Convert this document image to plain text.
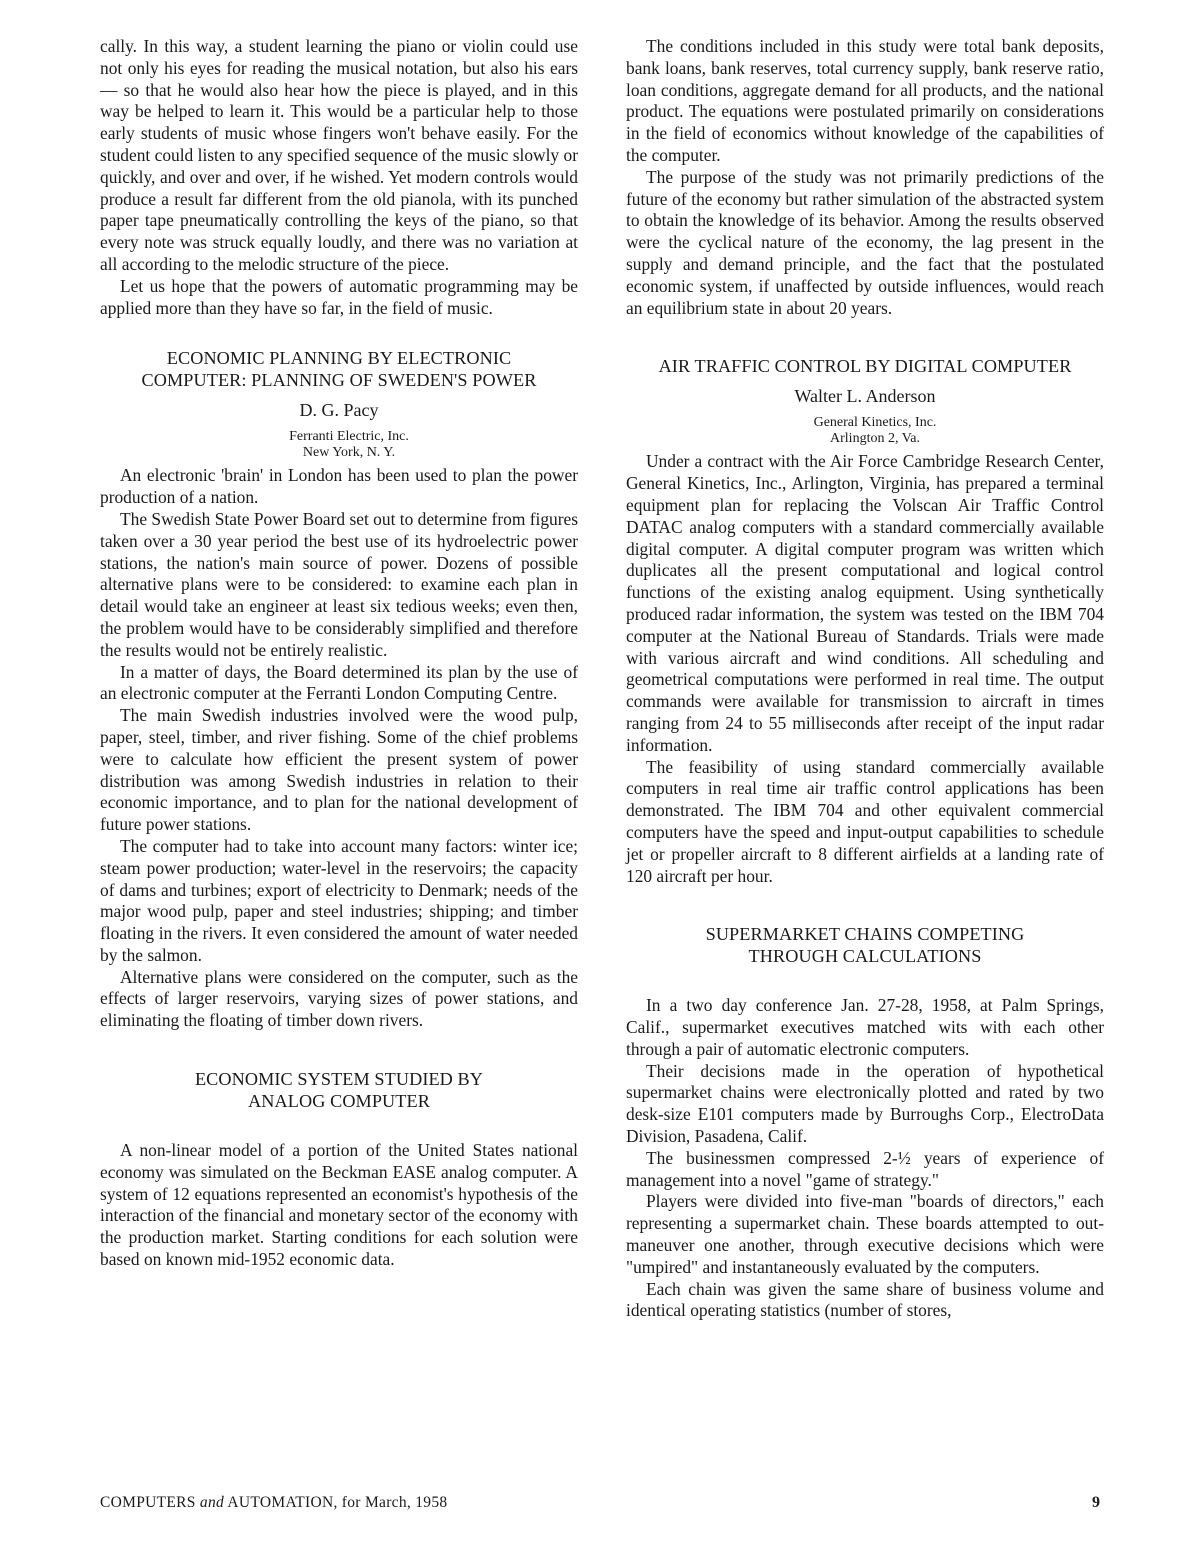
cally. In this way, a student learning the piano or violin could use not only his eyes for reading the musical notation, but also his ears — so that he would also hear how the piece is played, and in this way be helped to learn it. This would be a particular help to those early students of music whose fingers won't behave easily. For the student could listen to any specified sequence of the music slowly or quickly, and over and over, if he wished. Yet modern controls would produce a result far different from the old pianola, with its punched paper tape pneumatically controlling the keys of the piano, so that every note was struck equally loudly, and there was no variation at all according to the melodic structure of the piece.

Let us hope that the powers of automatic programming may be applied more than they have so far, in the field of music.

ECONOMIC PLANNING BY ELECTRONIC
COMPUTER: PLANNING OF SWEDEN'S POWER
D. G. Pacy

Ferranti Electric, Inc.

New York, N. Y.

An electronic 'brain' in London has been used to plan the power production of a nation.

The Swedish State Power Board set out to determine from figures taken over a 30 year period the best use of its hydroelectric power stations, the nation's main source of power. Dozens of possible alternative plans were to be considered: to examine each plan in detail would take an engineer at least six tedious weeks; even then, the problem would have to be considerably simplified and therefore the results would not be entirely realistic.

In a matter of days, the Board determined its plan by the use of an electronic computer at the Ferranti London Computing Centre.

The main Swedish industries involved were the wood pulp, paper, steel, timber, and river fishing. Some of the chief problems were to calculate how efficient the present system of power distribution was among Swedish industries in relation to their economic importance, and to plan for the national development of future power stations.

The computer had to take into account many factors: winter ice; steam power production; water-level in the reservoirs; the capacity of dams and turbines; export of electricity to Denmark; needs of the major wood pulp, paper and steel industries; shipping; and timber floating in the rivers. It even considered the amount of water needed by the salmon.

Alternative plans were considered on the computer, such as the effects of larger reservoirs, varying sizes of power stations, and eliminating the floating of timber down rivers.

ECONOMIC SYSTEM STUDIED BY
ANALOG COMPUTER

A non-linear model of a portion of the United States national economy was simulated on the Beckman EASE analog computer. A system of 12 equations represented an economist's hypothesis of the interaction of the financial and monetary sector of the economy with the production market. Starting conditions for each solution were based on known mid-1952 economic data.

The conditions included in this study were total bank deposits, bank loans, bank reserves, total currency supply, bank reserve ratio, loan conditions, aggregate demand for all products, and the national product. The equations were postulated primarily on considerations in the field of economics without knowledge of the capabilities of the computer.

The purpose of the study was not primarily predictions of the future of the economy but rather simulation of the abstracted system to obtain the knowledge of its behavior. Among the results observed were the cyclical nature of the economy, the lag present in the supply and demand principle, and the fact that the postulated economic system, if unaffected by outside influences, would reach an equilibrium state in about 20 years.

AIR TRAFFIC CONTROL BY DIGITAL COMPUTER
Walter L. Anderson

General Kinetics, Inc.

Arlington 2, Va.

Under a contract with the Air Force Cambridge Research Center, General Kinetics, Inc., Arlington, Virginia, has prepared a terminal equipment plan for replacing the Volscan Air Traffic Control DATAC analog computers with a standard commercially available digital computer. A digital computer program was written which duplicates all the present computational and logical control functions of the existing analog equipment. Using synthetically produced radar information, the system was tested on the IBM 704 computer at the National Bureau of Standards. Trials were made with various aircraft and wind conditions. All scheduling and geometrical computations were performed in real time. The output commands were available for transmission to aircraft in times ranging from 24 to 55 milliseconds after receipt of the input radar information.

The feasibility of using standard commercially available computers in real time air traffic control applications has been demonstrated. The IBM 704 and other equivalent commercial computers have the speed and input-output capabilities to schedule jet or propeller aircraft to 8 different airfields at a landing rate of 120 aircraft per hour.

SUPERMARKET CHAINS COMPETING
THROUGH CALCULATIONS

In a two day conference Jan. 27-28, 1958, at Palm Springs, Calif., supermarket executives matched wits with each other through a pair of automatic electronic computers.

Their decisions made in the operation of hypothetical supermarket chains were electronically plotted and rated by two desk-size E101 computers made by Burroughs Corp., ElectroData Division, Pasadena, Calif.

The businessmen compressed 2-½ years of experience of management into a novel "game of strategy."

Players were divided into five-man "boards of directors," each representing a supermarket chain. These boards attempted to out-maneuver one another, through executive decisions which were "umpired" and instantaneously evaluated by the computers.

Each chain was given the same share of business volume and identical operating statistics (number of stores,

COMPUTERS and AUTOMATION, for March, 1958	9
